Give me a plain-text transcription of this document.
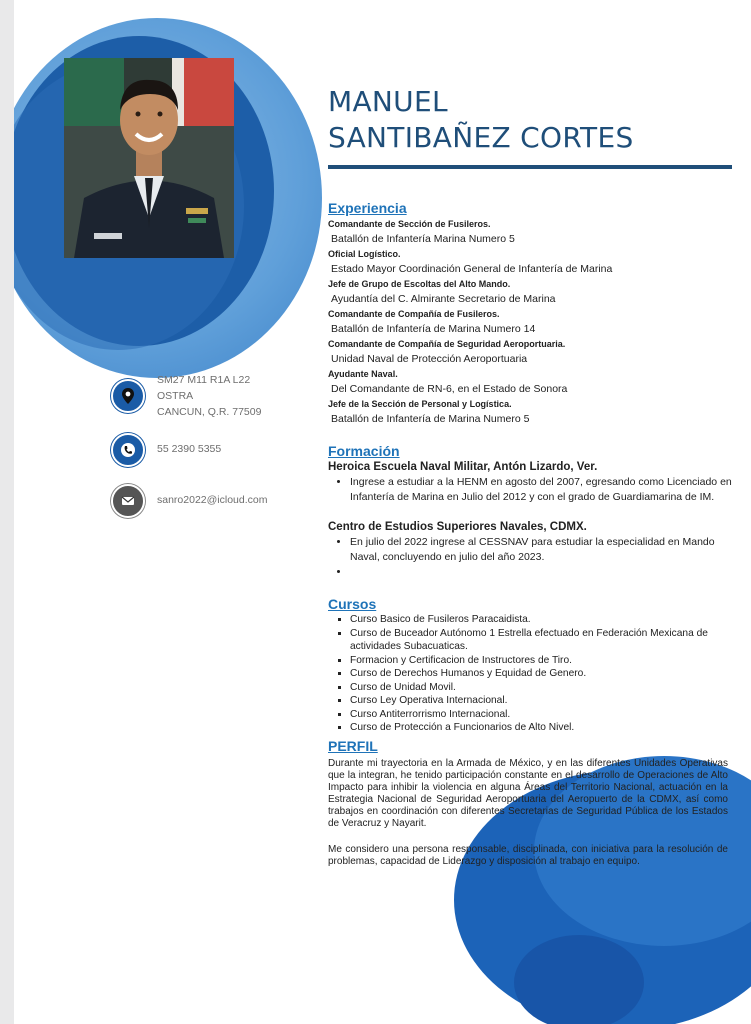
MANUEL
SANTIBAÑEZ CORTES
SM27 M11 R1A L22
OSTRA
CANCUN, Q.R. 77509
55 2390 5355
sanro2022@icloud.com
Experiencia
Comandante de Sección de Fusileros.
Batallón de Infantería Marina Numero 5
Oficial Logístico.
Estado Mayor Coordinación General de Infantería de Marina
Jefe de Grupo de Escoltas del Alto Mando.
Ayudantía del C. Almirante Secretario de Marina
Comandante de Compañía de Fusileros.
Batallón de Infantería de Marina Numero 14
Comandante de Compañía de Seguridad Aeroportuaria.
Unidad Naval de Protección Aeroportuaria
Ayudante Naval.
Del Comandante de RN-6, en el Estado de Sonora
Jefe de la Sección de Personal y Logística.
Batallón de Infantería de Marina Numero 5
Formación
Heroica Escuela Naval Militar, Antón Lizardo, Ver.
• Ingrese a estudiar a la HENM en agosto del 2007, egresando como Licenciado en Infantería de Marina en Julio del 2012 y con el grado de Guardiamarina de IM.
Centro de Estudios Superiores Navales, CDMX.
• En julio del 2022 ingrese al CESSNAV para estudiar la especialidad en Mando Naval, concluyendo en julio del año 2023.
•
Cursos
▪ Curso Basico de Fusileros Paracaidista.
▪ Curso de Buceador Autónomo 1 Estrella efectuado en Federación Mexicana de actividades Subacuaticas.
▪ Formacion y Certificacion de Instructores de Tiro.
▪ Curso de Derechos Humanos y Equidad de Genero.
▪ Curso de Unidad Movil.
▪ Curso Ley Operativa Internacional.
▪ Curso Antiterrorrismo Internacional.
▪ Curso de Protección a Funcionarios de Alto Nivel.
PERFIL

Durante mi trayectoria en la Armada de México, y en las diferentes Unidades Operativas que la integran, he tenido participación constante en el desarrollo de Operaciones de Alto Impacto para inhibir la violencia en alguna Áreas del Territorio Nacional, actuación en la Estrategia Nacional de Seguridad Aeroportuaria del Aeropuerto de la CDMX, así como trabajos en coordinación con diferentes Secretarias de Seguridad Pública de los Estados de Veracruz y Nayarit.

Me considero una persona responsable, disciplinada, con iniciativa para la resolución de problemas, capacidad de Liderazgo y disposición al trabajo en equipo.
